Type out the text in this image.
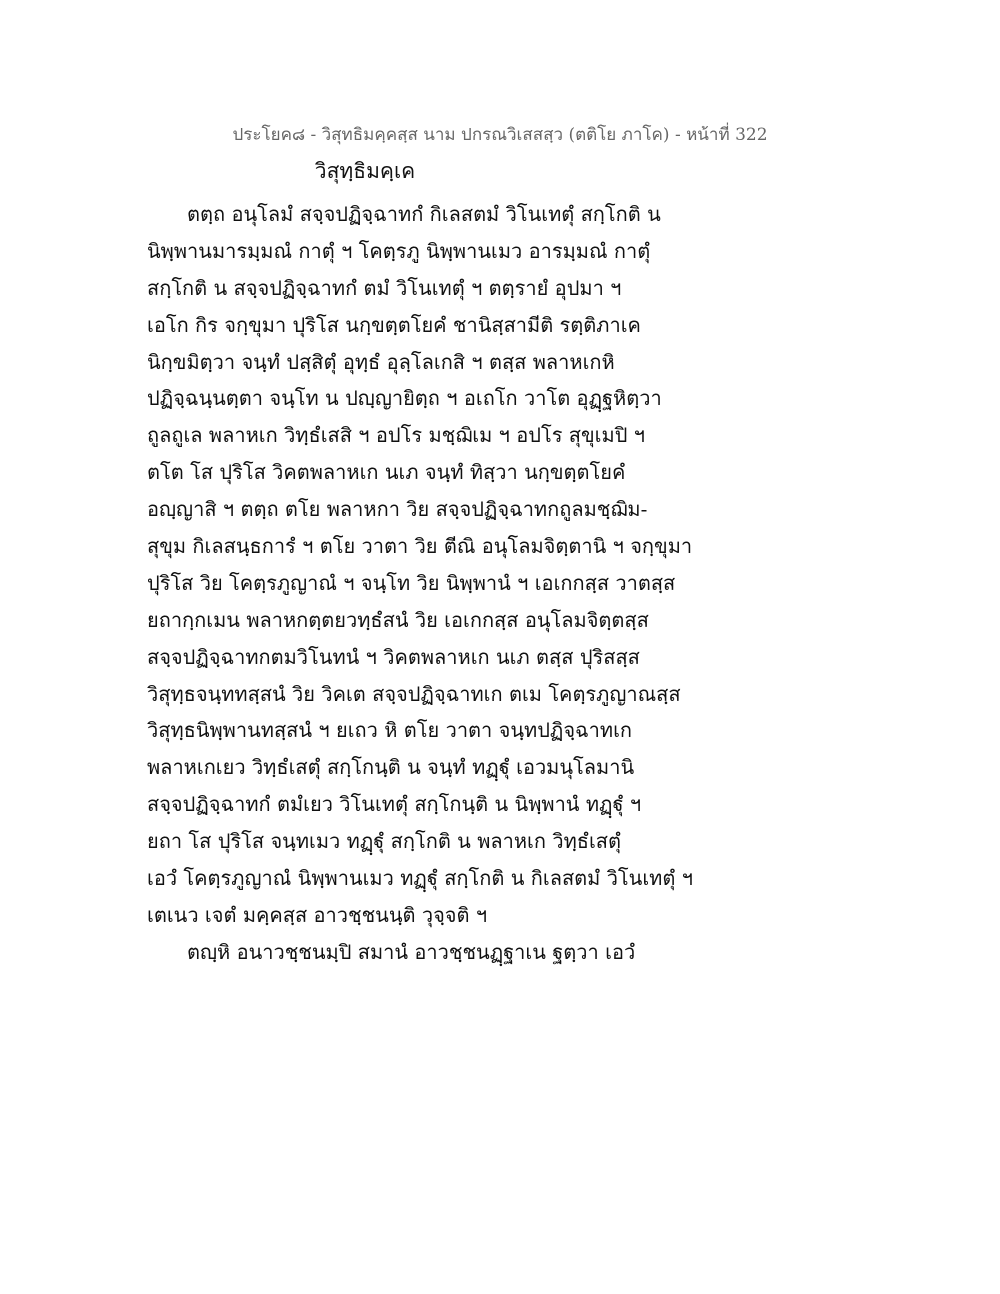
ประโยค๘ - วิสุทธิมคฺคสฺส นาม ปกรณวิเสสสฺว (ตติโย ภาโค) - หน้าที่ 322
วิสุทฺธิมคฺเค
ตตฺถ อนุโลมํ สจฺจปฏิจฺฉาทกํ กิเลสตมํ วิโนเทตุํ สกฺโกติ น
นิพฺพานมารมฺมณํ กาตุํ ฯ โคตฺรภู นิพฺพานเมว อารมฺมณํ กาตุํ
สกฺโกติ น สจฺจปฏิจฺฉาทกํ ตมํ วิโนเทตุํ ฯ ตตฺรายํ อุปมา ฯ
เอโก กิร จกฺขุมา ปุริโส นกฺขตฺตโยคํ ชานิสฺสามีติ รตฺติภาเค
นิกฺขมิตฺวา จนฺทํ ปสฺสิตุํ อุทฺธํ อุลฺโลเกสิ ฯ ตสฺส พลาหเกหิ
ปฏิจฺฉนฺนตฺตา จนฺโท น ปญฺญายิตฺถ ฯ อเถโก วาโต อุฏฺฐหิตฺวา
ถูลถูเล พลาหเก วิทฺธํเสสิ ฯ อปโร มชฺฌิเม ฯ อปโร สุขุเมปิ ฯ
ตโต โส ปุริโส วิคตพลาหเก นเภ จนฺทํ ทิสฺวา นกฺขตฺตโยคํ
อญฺญาสิ ฯ ตตฺถ ตโย พลาหกา วิย สจฺจปฏิจฺฉาทกถูลมชฺฌิม-
สุขุม กิเลสนฺธการํ ฯ ตโย วาตา วิย ตีณิ อนุโลมจิตฺตานิ ฯ จกฺขุมา
ปุริโส วิย โคตฺรภูญาณํ ฯ จนฺโท วิย นิพฺพานํ ฯ เอเกกสฺส วาตสฺส
ยถากฺกเมน พลาหกตฺตยวทฺธํสนํ วิย เอเกกสฺส อนุโลมจิตฺตสฺส
สจฺจปฏิจฺฉาทกตมวิโนทนํ ฯ วิคตพลาหเก นเภ ตสฺส ปุริสสฺส
วิสุทฺธจนฺททสฺสนํ วิย วิคเต สจฺจปฏิจฺฉาทเก ตเม โคตฺรภูญาณสฺส
วิสุทฺธนิพฺพานทสฺสนํ ฯ ยเถว หิ ตโย วาตา จนฺทปฏิจฺฉาทเก
พลาหเกเยว วิทฺธํเสตุํ สกฺโกนฺติ น จนฺทํ ทฏฺฐุํ เอวมนุโลมานิ
สจฺจปฏิจฺฉาทกํ ตมํเยว วิโนเทตุํ สกฺโกนฺติ น นิพฺพานํ ทฏฺฐุํ ฯ
ยถา โส ปุริโส จนฺทเมว ทฏฺฐุํ สกฺโกติ น พลาหเก วิทฺธํเสตุํ
เอวํ โคตฺรภูญาณํ นิพฺพานเมว ทฏฺฐุํ สกฺโกติ น กิเลสตมํ วิโนเทตุํ ฯ
เตเนว เจตํ มคฺคสฺส อาวชฺชนนฺติ วุจฺจติ ฯ
ตญฺหิ อนาวชฺชนมฺปิ สมานํ อาวชฺชนฏฺฐาเน ฐตฺวา เอวํ
